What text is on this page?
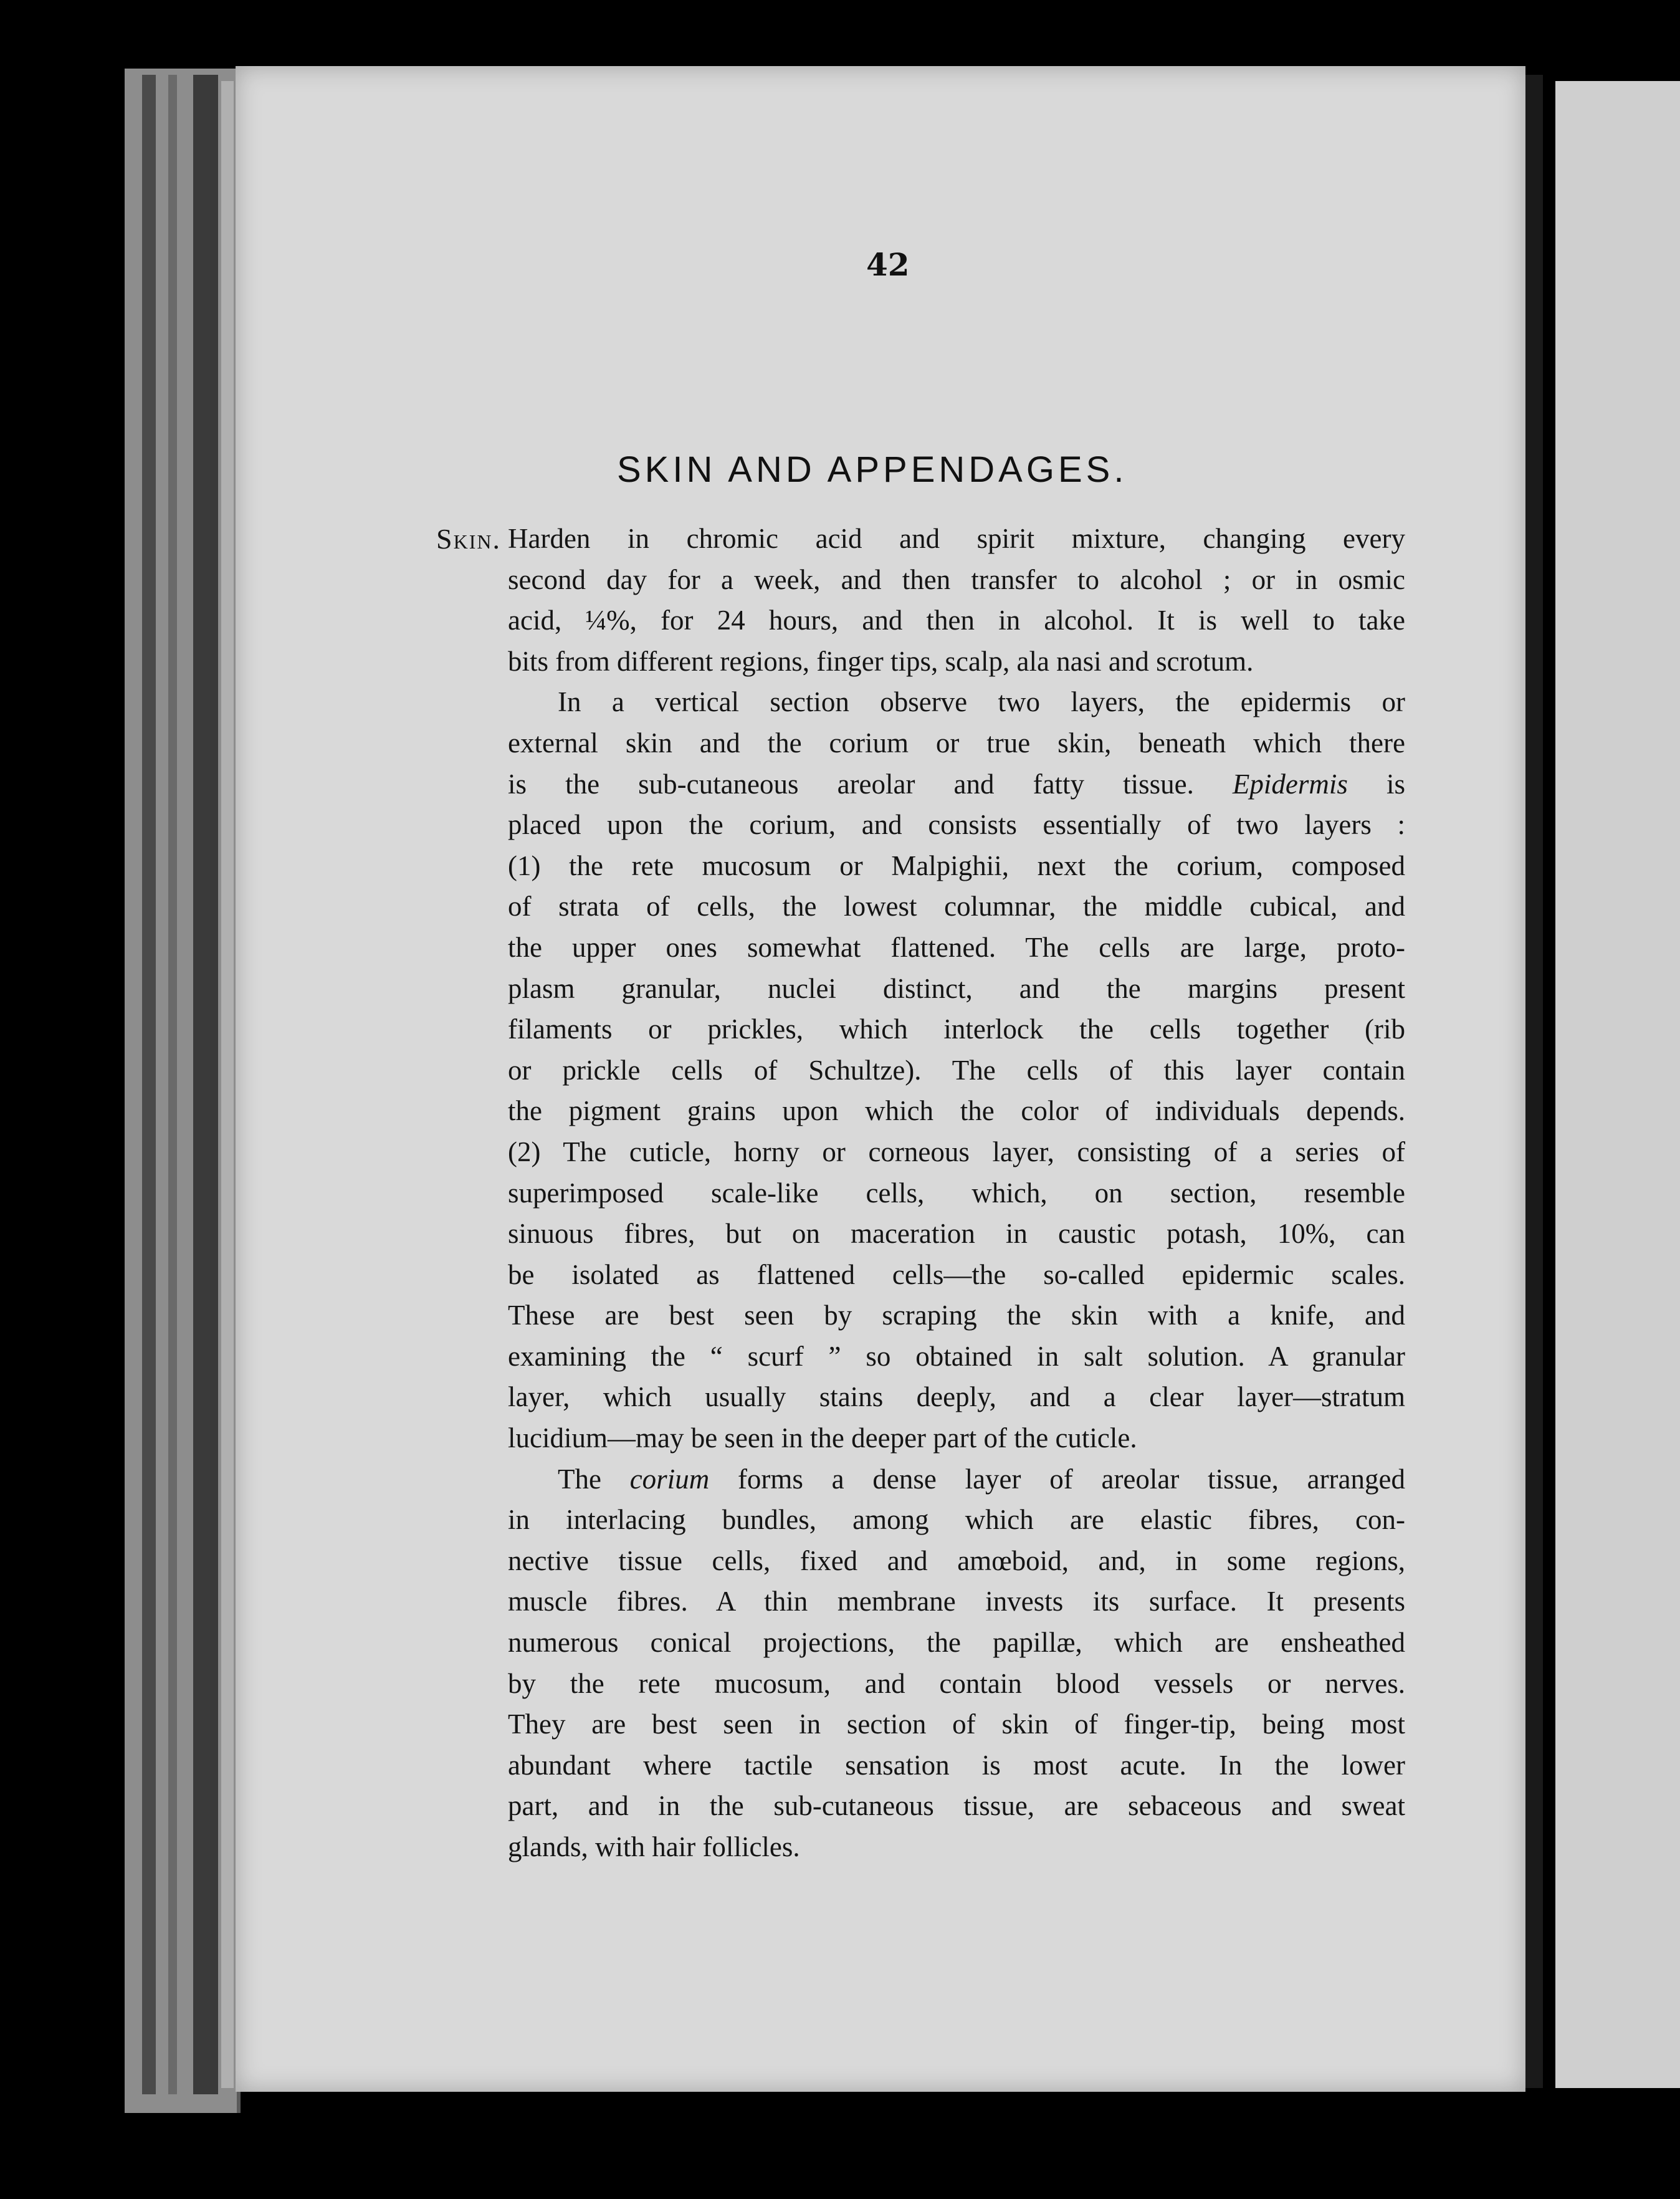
42
SKIN AND APPENDAGES.
Skin. Harden in chromic acid and spirit mixture, changing every
second day for a week, and then transfer to alcohol ; or in osmic
acid, ¼%, for 24 hours, and then in alcohol. It is well to take
bits from different regions, finger tips, scalp, ala nasi and scrotum.
In a vertical section observe two layers, the epidermis or
external skin and the corium or true skin, beneath which there
is the sub-cutaneous areolar and fatty tissue. Epidermis is
placed upon the corium, and consists essentially of two layers :
(1) the rete mucosum or Malpighii, next the corium, composed
of strata of cells, the lowest columnar, the middle cubical, and
the upper ones somewhat flattened. The cells are large, proto-
plasm granular, nuclei distinct, and the margins present
filaments or prickles, which interlock the cells together (rib
or prickle cells of Schultze). The cells of this layer contain
the pigment grains upon which the color of individuals depends.
(2) The cuticle, horny or corneous layer, consisting of a series of
superimposed scale-like cells, which, on section, resemble
sinuous fibres, but on maceration in caustic potash, 10%, can
be isolated as flattened cells—the so-called epidermic scales.
These are best seen by scraping the skin with a knife, and
examining the “ scurf ” so obtained in salt solution. A granular
layer, which usually stains deeply, and a clear layer—stratum
lucidium—may be seen in the deeper part of the cuticle.
The corium forms a dense layer of areolar tissue, arranged
in interlacing bundles, among which are elastic fibres, con-
nective tissue cells, fixed and amœboid, and, in some regions,
muscle fibres. A thin membrane invests its surface. It presents
numerous conical projections, the papillæ, which are ensheathed
by the rete mucosum, and contain blood vessels or nerves.
They are best seen in section of skin of finger-tip, being most
abundant where tactile sensation is most acute. In the lower
part, and in the sub-cutaneous tissue, are sebaceous and sweat
glands, with hair follicles.
